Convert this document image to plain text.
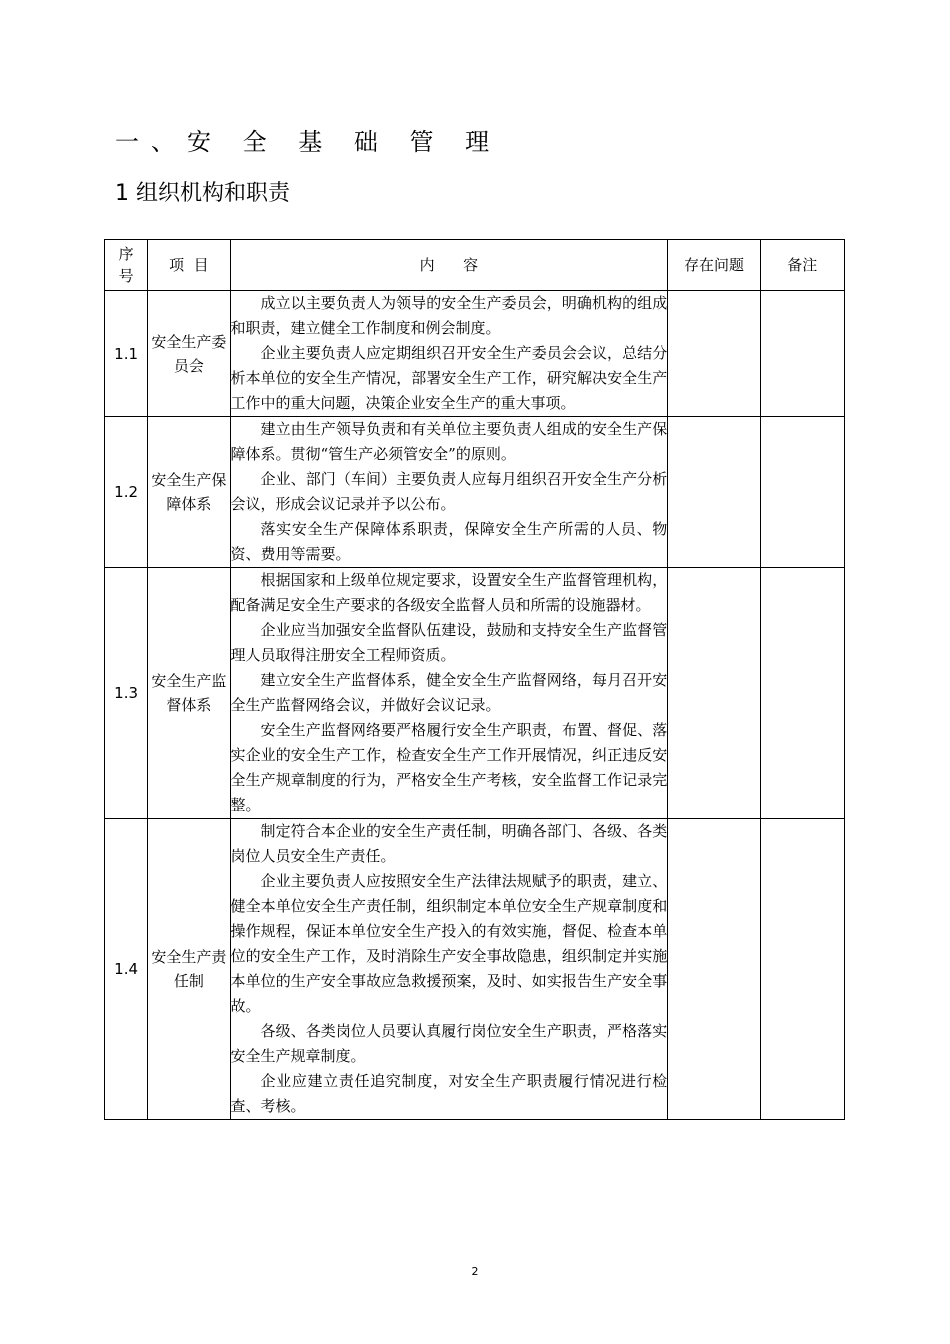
一、安 全 基 础 管 理
1 组织机构和职责
序号	项  目	内      容	存在问题	备注
1.1	安全生产委员会	成立以主要负责人为领导的安全生产委员会，明确机构的组成和职责，建立健全工作制度和例会制度。

企业主要负责人应定期组织召开安全生产委员会会议，总结分析本单位的安全生产情况，部署安全生产工作，研究解决安全生产工作中的重大问题，决策企业安全生产的重大事项。		

1.2	安全生产保障体系	建立由生产领导负责和有关单位主要负责人组成的安全生产保障体系。贯彻“管生产必须管安全”的原则。

企业、部门（车间）主要负责人应每月组织召开安全生产分析会议，形成会议记录并予以公布。

落实安全生产保障体系职责，保障安全生产所需的人员、物资、费用等需要。		

1.3	安全生产监督体系	根据国家和上级单位规定要求，设置安全生产监督管理机构，配备满足安全生产要求的各级安全监督人员和所需的设施器材。

企业应当加强安全监督队伍建设，鼓励和支持安全生产监督管理人员取得注册安全工程师资质。

建立安全生产监督体系，健全安全生产监督网络，每月召开安全生产监督网络会议，并做好会议记录。

安全生产监督网络要严格履行安全生产职责，布置、督促、落实企业的安全生产工作，检查安全生产工作开展情况，纠正违反安全生产规章制度的行为，严格安全生产考核，安全监督工作记录完整。		

1.4	安全生产责任制	制定符合本企业的安全生产责任制，明确各部门、各级、各类岗位人员安全生产责任。

企业主要负责人应按照安全生产法律法规赋予的职责，建立、健全本单位安全生产责任制，组织制定本单位安全生产规章制度和操作规程，保证本单位安全生产投入的有效实施，督促、检查本单位的安全生产工作，及时消除生产安全事故隐患，组织制定并实施本单位的生产安全事故应急救援预案，及时、如实报告生产安全事故。

各级、各类岗位人员要认真履行岗位安全生产职责，严格落实安全生产规章制度。

企业应建立责任追究制度，对安全生产职责履行情况进行检查、考核。		

2
